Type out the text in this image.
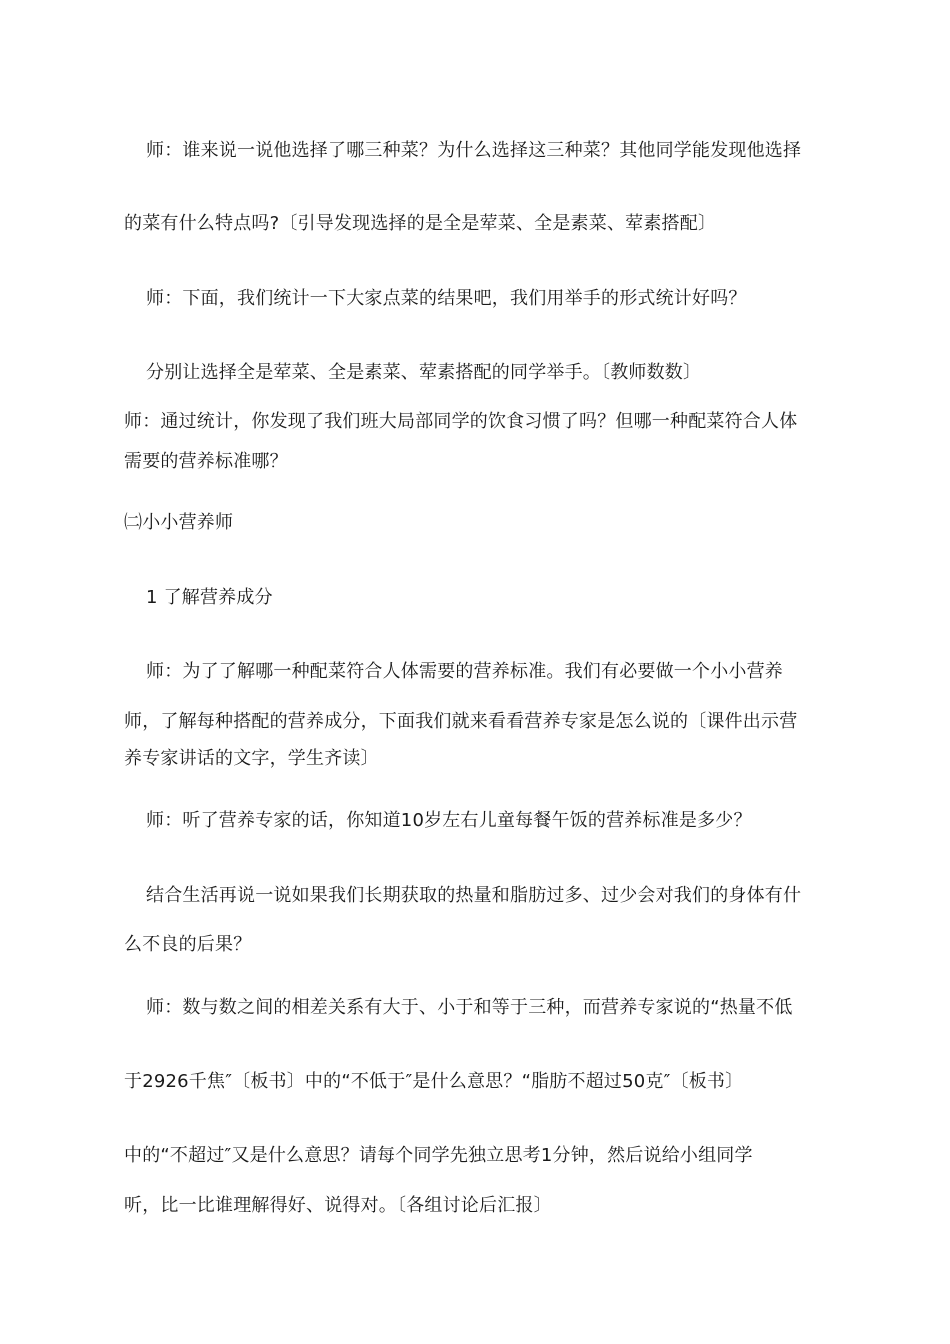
师：谁来说一说他选择了哪三种菜？为什么选择这三种菜？其他同学能发现他选择
的菜有什么特点吗?〔引导发现选择的是全是荤菜、全是素菜、荤素搭配〕
师：下面，我们统计一下大家点菜的结果吧，我们用举手的形式统计好吗？
分别让选择全是荤菜、全是素菜、荤素搭配的同学举手。〔教师数数〕
师：通过统计，你发现了我们班大局部同学的饮食习惯了吗？但哪一种配菜符合人体
需要的营养标准哪？
㈡小小营养师
1 了解营养成分
师：为了了解哪一种配菜符合人体需要的营养标准。我们有必要做一个小小营养
师，了解每种搭配的营养成分，下面我们就来看看营养专家是怎么说的〔课件出示营
养专家讲话的文字，学生齐读〕
师：听了营养专家的话，你知道10岁左右儿童每餐午饭的营养标准是多少？
结合生活再说一说如果我们长期获取的热量和脂肪过多、过少会对我们的身体有什
么不良的后果？
师：数与数之间的相差关系有大于、小于和等于三种，而营养专家说的“热量不低
于2926千焦″〔板书〕中的“不低于″是什么意思？“脂肪不超过50克″〔板书〕
中的“不超过″又是什么意思？请每个同学先独立思考1分钟，然后说给小组同学
听，比一比谁理解得好、说得对。〔各组讨论后汇报〕
